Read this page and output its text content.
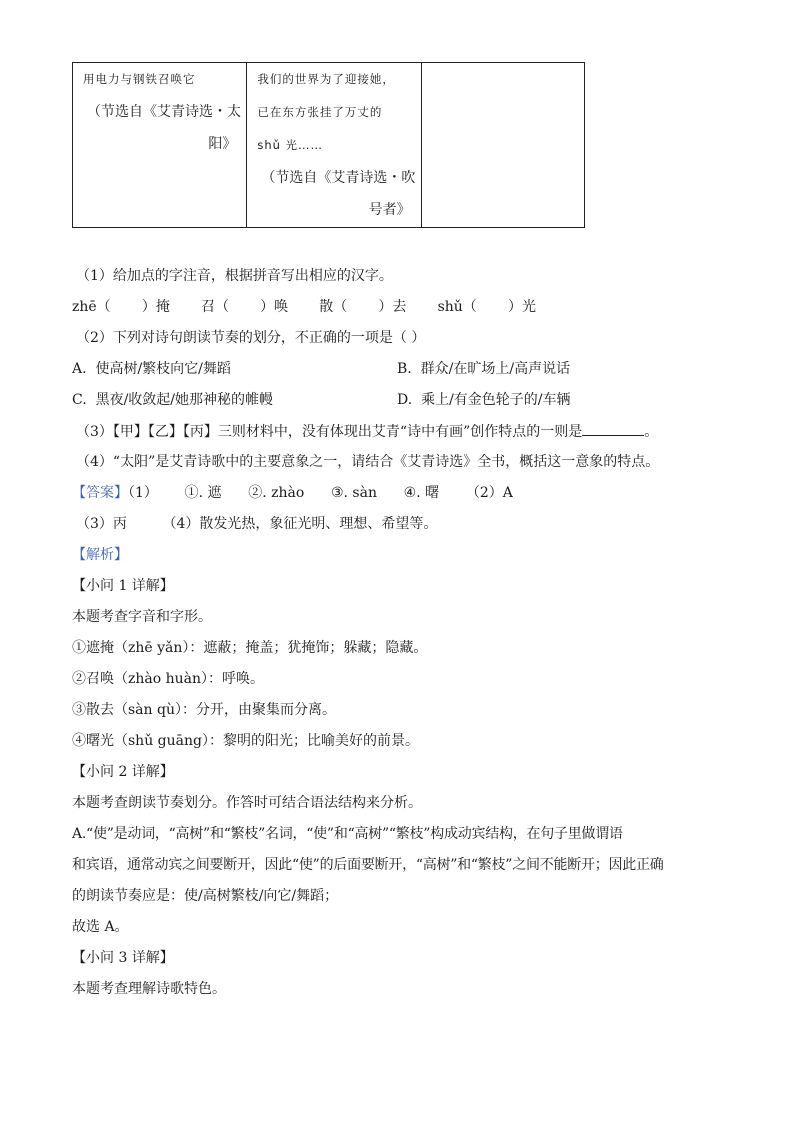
用电力与钢铁召唤它
（节选自《艾青诗选・太
阳》

我们的世界为了迎接她，
已在东方张挂了万丈的
shǔ 光……
（节选自《艾青诗选・吹
号者》

（1）给加点的字注音，根据拼音写出相应的汉字。
zhē（       ）掩       召（       ）唤       散（       ）去       shǔ（       ）光
（2）下列对诗句朗读节奏的划分，不正确的一项是（ ）
A.  使高树/繁枝向它/舞蹈	B.  群众/在旷场上/高声说话
C.  黑夜/收敛起/她那神秘的帷幔	D.  乘上/有金色轮子的/车辆
（3）【甲】【乙】【丙】三则材料中，没有体现出艾青“诗中有画”创作特点的一则是	。
（4）“太阳”是艾青诗歌中的主要意象之一，请结合《艾青诗选》全书，概括这一意象的特点。
【答案】（1）      ①. 遮      ②. zhào      ③. sàn      ④. 曙      （2）A
（3）丙        （4）散发光热，象征光明、理想、希望等。
【解析】
【小问 1 详解】
本题考查字音和字形。
①遮掩（zhē yǎn）：遮蔽；掩盖；犹掩饰；躲藏；隐藏。
②召唤（zhào huàn）：呼唤。
③散去（sàn qù）：分开，由聚集而分离。
④曙光（shǔ guāng）：黎明的阳光；比喻美好的前景。
【小问 2 详解】
本题考查朗读节奏划分。作答时可结合语法结构来分析。
A.“使”是动词，“高树”和“繁枝”名词，“使”和“高树”“繁枝”构成动宾结构，在句子里做谓语
和宾语，通常动宾之间要断开，因此“使”的后面要断开，“高树”和“繁枝”之间不能断开；因此正确
的朗读节奏应是：使/高树繁枝/向它/舞蹈；
故选 A。
【小问 3 详解】
本题考查理解诗歌特色。
